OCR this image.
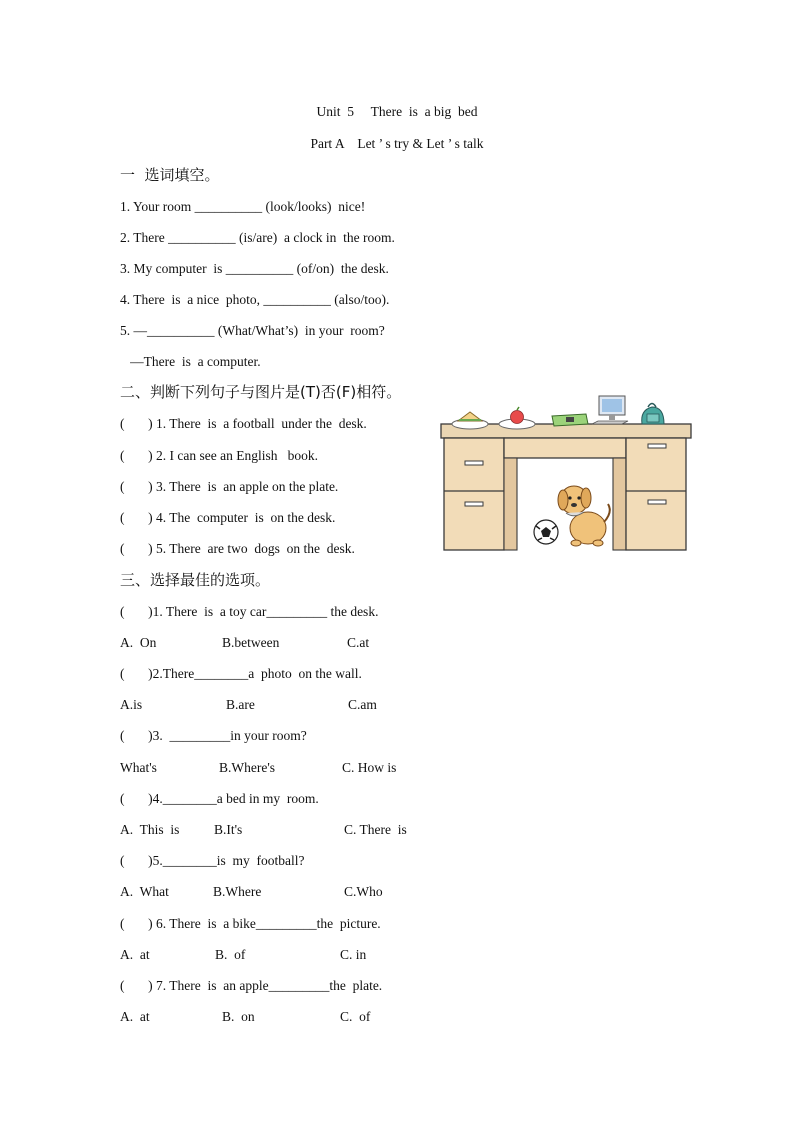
Unit  5     There  is  a big  bed
Part A    Let ’ s try & Let ’ s talk
一  选词填空。
1. Your room __________ (look/looks)  nice!
2. There __________ (is/are)  a clock in  the room.
3. My computer  is __________ (of/on)  the desk.
4. There  is  a nice  photo, __________ (also/too).
5. —__________ (What/What’s)  in your  room?
—There  is  a computer.
二、判断下列句子与图片是(T)否(F)相符。
(       ) 1. There  is  a football  under the  desk.
(       ) 2. I can see an English   book.
(       ) 3. There  is  an apple on the plate.
(       ) 4. The  computer  is  on the desk.
(       ) 5. There  are two  dogs  on the  desk.
三、选择最佳的选项。
(       )1. There  is  a toy car_________ the desk.
A.  On	B.between	C.at
(       )2.There________a  photo  on the wall.
A.is	B.are	C.am
(       )3.  _________in your room?
What's	B.Where's	C. How is
(       )4.________a bed in my  room.
A.  This  is	B.It's	C. There  is
(       )5.________is  my  football?
A.  What	B.Where	C.Who
(       ) 6. There  is  a bike_________the  picture.
A.  at	B.  of	C. in
(       ) 7. There  is  an apple_________the  plate.
A.  at	B.  on	C.  of
